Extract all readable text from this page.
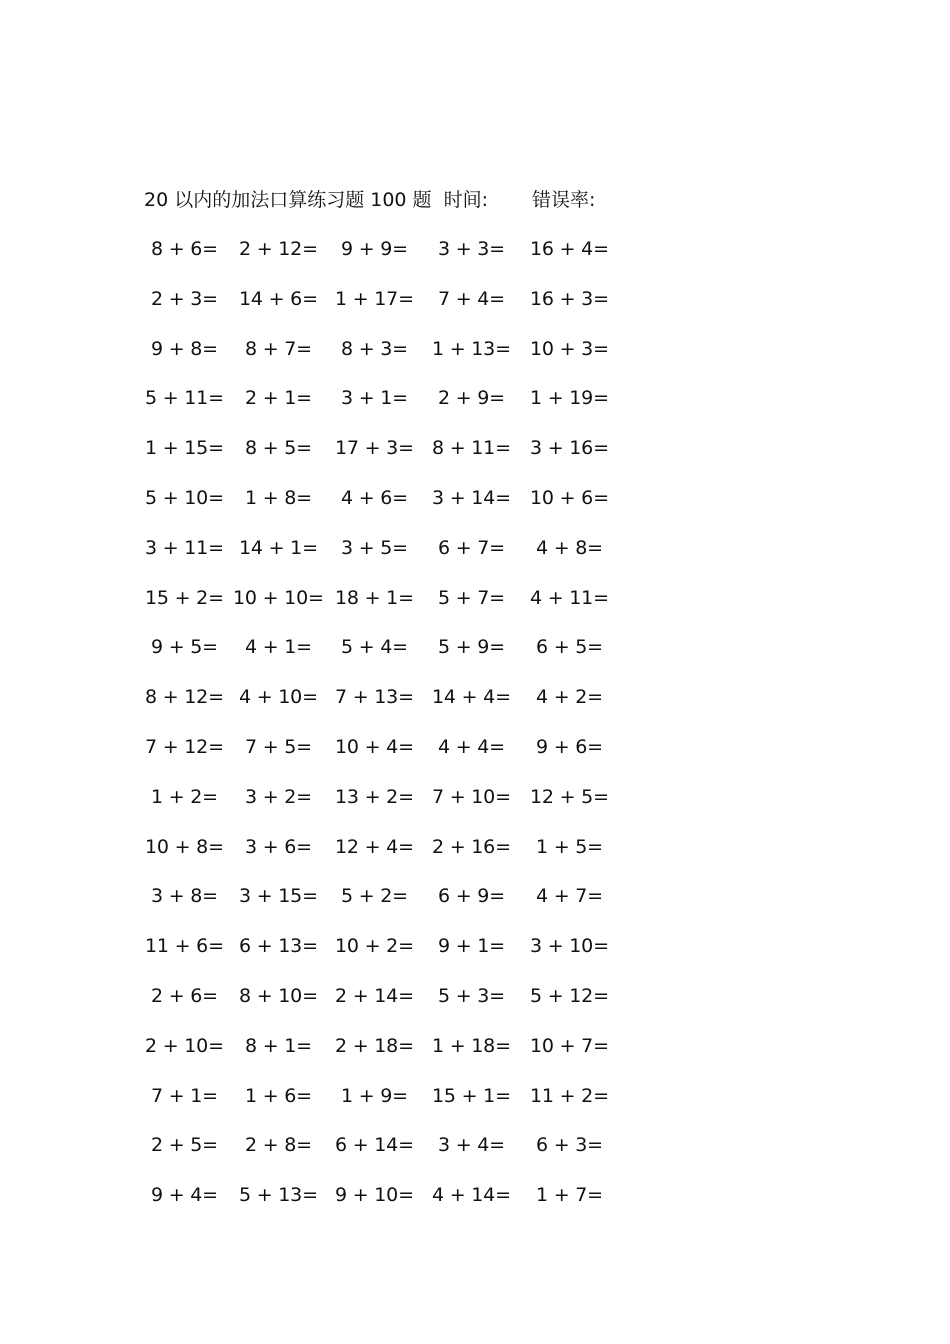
20 以内的加法口算练习题 100 题 时间: 错误率:
8 + 6= 2 + 12= 9 + 9= 3 + 3= 16 + 4=
2 + 3= 14 + 6= 1 + 17= 7 + 4= 16 + 3=
9 + 8= 8 + 7= 8 + 3= 1 + 13= 10 + 3=
5 + 11= 2 + 1= 3 + 1= 2 + 9= 1 + 19=
1 + 15= 8 + 5= 17 + 3= 8 + 11= 3 + 16=
5 + 10= 1 + 8= 4 + 6= 3 + 14= 10 + 6=
3 + 11= 14 + 1= 3 + 5= 6 + 7= 4 + 8=
15 + 2= 10 + 10= 18 + 1= 5 + 7= 4 + 11=
9 + 5= 4 + 1= 5 + 4= 5 + 9= 6 + 5=
8 + 12= 4 + 10= 7 + 13= 14 + 4= 4 + 2=
7 + 12= 7 + 5= 10 + 4= 4 + 4= 9 + 6=
1 + 2= 3 + 2= 13 + 2= 7 + 10= 12 + 5=
10 + 8= 3 + 6= 12 + 4= 2 + 16= 1 + 5=
3 + 8= 3 + 15= 5 + 2= 6 + 9= 4 + 7=
11 + 6= 6 + 13= 10 + 2= 9 + 1= 3 + 10=
2 + 6= 8 + 10= 2 + 14= 5 + 3= 5 + 12=
2 + 10= 8 + 1= 2 + 18= 1 + 18= 10 + 7=
7 + 1= 1 + 6= 1 + 9= 15 + 1= 11 + 2=
2 + 5= 2 + 8= 6 + 14= 3 + 4= 6 + 3=
9 + 4= 5 + 13= 9 + 10= 4 + 14= 1 + 7=
